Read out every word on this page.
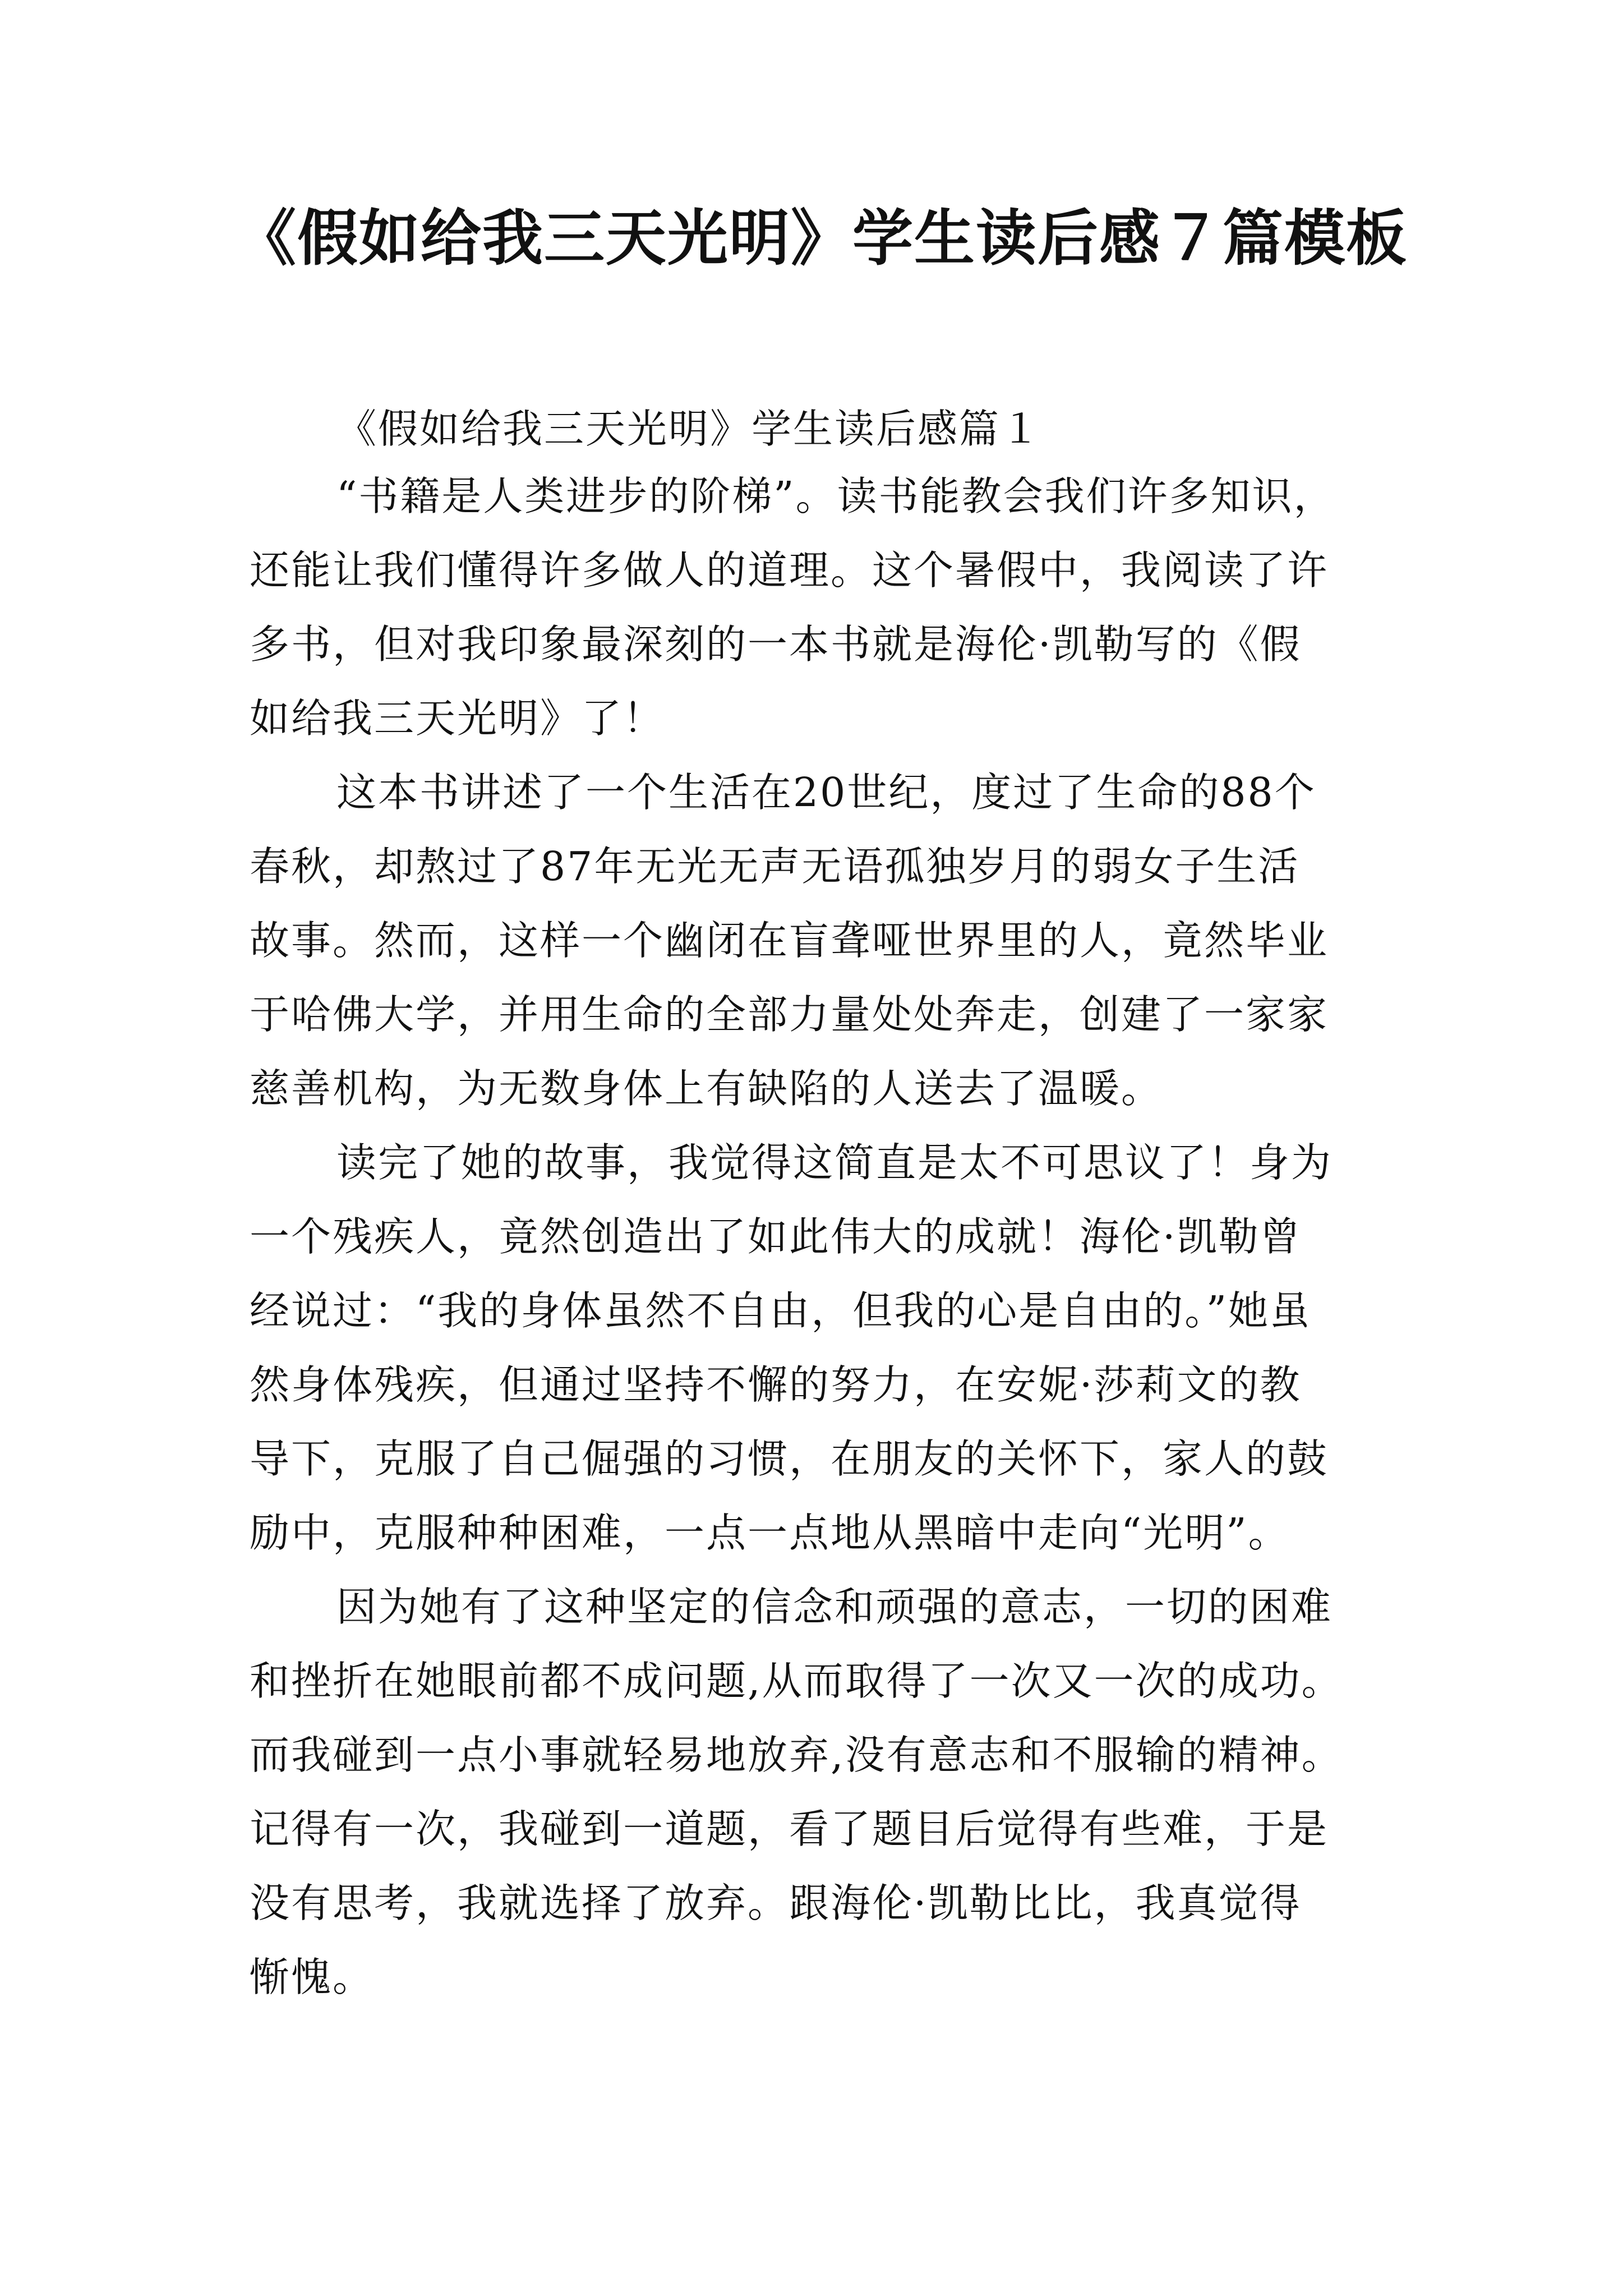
《假如给我三天光明》学生读后感７篇模板
《假如给我三天光明》学生读后感篇１
“书籍是人类进步的阶梯”。读书能教会我们许多知识，
还能让我们懂得许多做人的道理。这个暑假中，我阅读了许
多书，但对我印象最深刻的一本书就是海伦·凯勒写的《假
如给我三天光明》了！
这本书讲述了一个生活在20世纪，度过了生命的88个
春秋，却熬过了87年无光无声无语孤独岁月的弱女子生活
故事。然而，这样一个幽闭在盲聋哑世界里的人，竟然毕业
于哈佛大学，并用生命的全部力量处处奔走，创建了一家家
慈善机构，为无数身体上有缺陷的人送去了温暖。
读完了她的故事，我觉得这简直是太不可思议了！身为
一个残疾人，竟然创造出了如此伟大的成就！海伦·凯勒曾
经说过：“我的身体虽然不自由，但我的心是自由的。”她虽
然身体残疾，但通过坚持不懈的努力，在安妮·莎莉文的教
导下，克服了自己倔强的习惯，在朋友的关怀下，家人的鼓
励中，克服种种困难，一点一点地从黑暗中走向“光明”。
因为她有了这种坚定的信念和顽强的意志，一切的困难
和挫折在她眼前都不成问题,从而取得了一次又一次的成功。
而我碰到一点小事就轻易地放弃,没有意志和不服输的精神。
记得有一次，我碰到一道题，看了题目后觉得有些难，于是
没有思考，我就选择了放弃。跟海伦·凯勒比比，我真觉得
惭愧。
